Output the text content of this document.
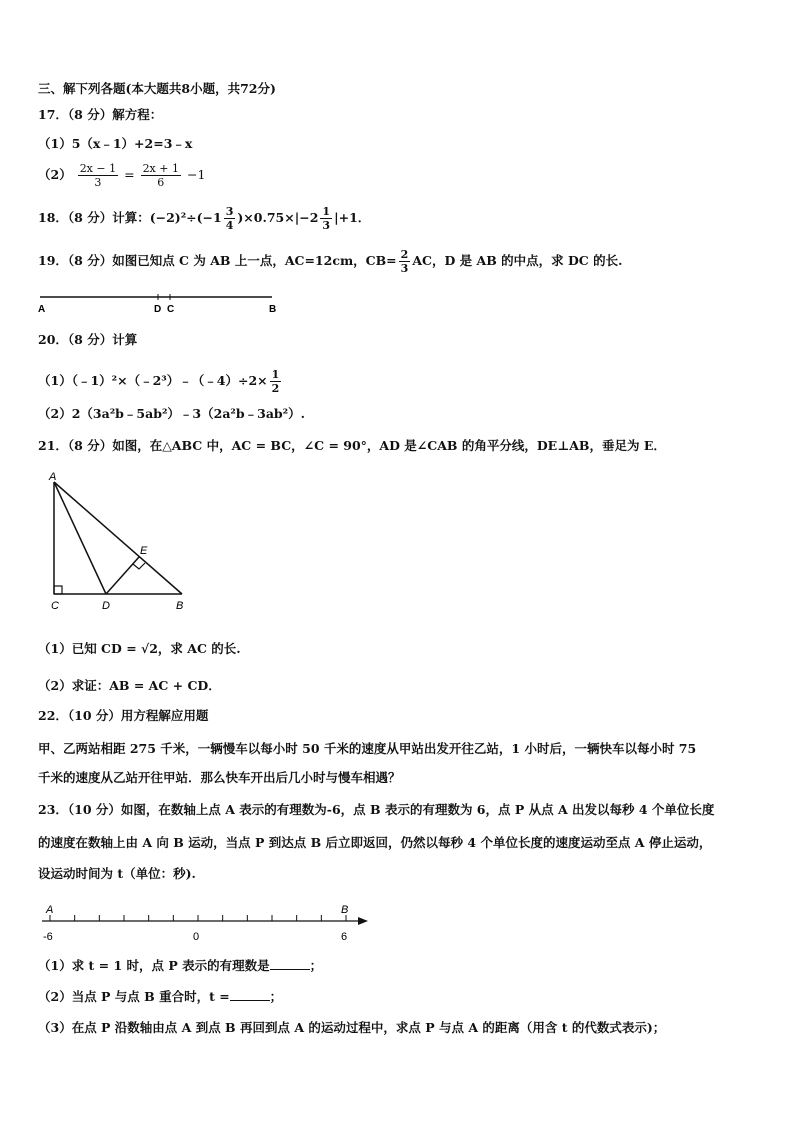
三、解下列各题(本大题共8小题，共72分)
17．（8 分）解方程：
（1）5（x﹣1）+2=3﹣x
$(2) \frac{2x - 1}{3} = \frac{2x + 1}{6} -1$
18．（8 分）计算：$(-2)^2\div(-1 \frac{3}{4} )\times 0.75\times|-2 \frac{1}{3} |+1$．
19．（8 分）如图已知点 C 为 AB 上一点，AC=12cm，$CB= \frac{2}{3}$ AC，D 是 AB 的中点，求 DC 的长.
A	D C	B
20．（8 分）计算
（1）（﹣1）²×（﹣2³）﹣（﹣4）÷2× $\frac{1}{2}$
（2）2（3a²b﹣5ab²）﹣3（2a²b﹣3ab²）.
21．（8 分）如图，在△ABC 中，AC = BC，∠C = 90°，AD 是∠CAB 的角平分线，DE⊥AB，垂足为 E．
A
E
C	D	B
（1）已知 CD = √2，求 AC 的长.
（2）求证：AB = AC + CD．
22．（10 分）用方程解应用题
甲、乙两站相距 275 千米，一辆慢车以每小时 50 千米的速度从甲站出发开往乙站，1 小时后，一辆快车以每小时 75
千米的速度从乙站开往甲站．那么快车开出后几小时与慢车相遇？
23．（10 分）如图，在数轴上点 A 表示的有理数为-6，点 B 表示的有理数为 6，点 P 从点 A 出发以每秒 4 个单位长度
的速度在数轴上由 A 向 B 运动，当点 P 到达点 B 后立即返回，仍然以每秒 4 个单位长度的速度运动至点 A 停止运动，
设运动时间为 t（单位：秒).
A	B
-6	0	6
（1）求 t = 1 时，点 P 表示的有理数是	；
（2）当点 P 与点 B 重合时，t =	；
（3）在点 P 沿数轴由点 A 到点 B 再回到点 A 的运动过程中，求点 P 与点 A 的距离（用含 t 的代数式表示)；
